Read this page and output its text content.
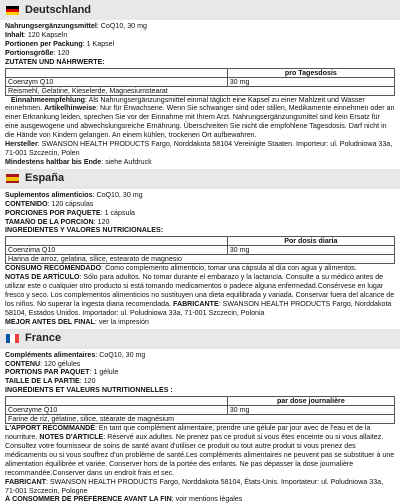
Deutschland
Nahrungsergänzungsmittel: CoQ10, 30 mg
Inhalt: 120 Kapseln
Portionen per Packung: 1 Kapsel
Portionsgröße: 120
ZUTATEN UND NÄHRWERTE:
	pro Tagesdosis
Coenzym Q10	30 mg
Reismehl, Gelatine, Kieselerde, Magnesiumstearat	
Einnahmeempfehlung: Als Nahrungsergänzungsmittel einmal täglich eine Kapsel zu einer Mahlzeit und Wasser einnehmen. Artikelhinweise: Nur für Erwachsene. Wenn Sie schwanger sind oder stillen, Medikamente einnehmen oder an einer Erkrankung leiden, sprechen Sie vor der Einnahme mit Ihrem Arzt. Nahrungsergänzungsmittel sind kein Ersatz für eine ausgewogene und abwechslungsreiche Ernährung. Überschreiten Sie nicht die empfohlene Tagesdosis. Darf nicht in die Hände von Kindern gelangen. An einem kühlen, trockenen Ort aufbewahren.
Hersteller: SWANSON HEALTH PRODUCTS Fargo, Norddakota 58104 Vereinigte Staaten. Importeur: ul. Poludniowa 33a, 71-001 Szczecin, Polen
Mindestens haltbar bis Ende: siehe Aufdruck
España
Suplementos alimenticios: CoQ10, 30 mg
CONTENIDO: 120 cápsulas
PORCIONES POR PAQUETE: 1 cápsula
TAMAÑO DE LA PORCIÓN: 120
INGREDIENTES Y VALORES NUTRICIONALES:
	Por dosis diaria
Coenzima Q10	30 mg
Harina de arroz, gelatina, sílice, estearato de magnesio	
CONSUMO RECOMENDADO: Como complemento alimenticio, tomar una cápsula al día con agua y alimentos.
NOTAS DE ARTÍCULO: Sólo para adultos. No tomar durante el embarazo y la lactancia. Consulte a su médico antes de utilizar este o cualquier otro producto si está tomando medicamentos o padece alguna enfermedad.Consérvese en lugar fresco y seco. Los complementos alimenticios no sustituyen una dieta equilibrada y variada. Conservar fuera del alcance de los niños. No superar la ingesta diaria recomendada. FABRICANTE: SWANSON HEALTH PRODUCTS Fargo, Norddakota 58104, Estados Unidos. Importador: ul. Poludniowa 33a, 71-001 Szczecin, Polonia
MEJOR ANTES DEL FINAL: ver la impresión
France
Compléments alimentaires: CoQ10, 30 mg
CONTENU: 120 gélules
PORTIONS PAR PAQUET: 1 gélule
TAILLE DE LA PARTIE: 120
INGRÉDIENTS ET VALEURS NUTRITIONNELLES :
	par dose journalière
Coenzyme Q10	30 mg
Farine de riz, gélatine, silice, stéarate de magnésium	
L'APPORT RECOMMANDÉ: En tant que complément alimentaire, prendre une gélule par jour avec de l'eau et de la nourriture. NOTES D'ARTICLE: Réservé aux adultes. Ne prenez pas ce produit si vous êtes enceinte ou si vous allaitez. Consultez votre fournisseur de soins de santé avant d'utiliser ce produit ou tout autre produit si vous prenez des médicaments ou si vous souffrez d'un problème de santé.Les compléments alimentaires ne peuvent pas se substituer à une alimentation équilibrée et variée. Conserver hors de la portée des enfants. Ne pas dépasser la dose journalière recommandée.Conserver dans un endroit frais et sec.
FABRICANT: SWANSON HEALTH PRODUCTS Fargo, Norddakota 58104, États-Unis. Importateur: ul. Poludniowa 33a, 71-001 Szczecin, Pologne
À CONSOMMER DE PRÉFÉRENCE AVANT LA FIN: voir mentions légales
